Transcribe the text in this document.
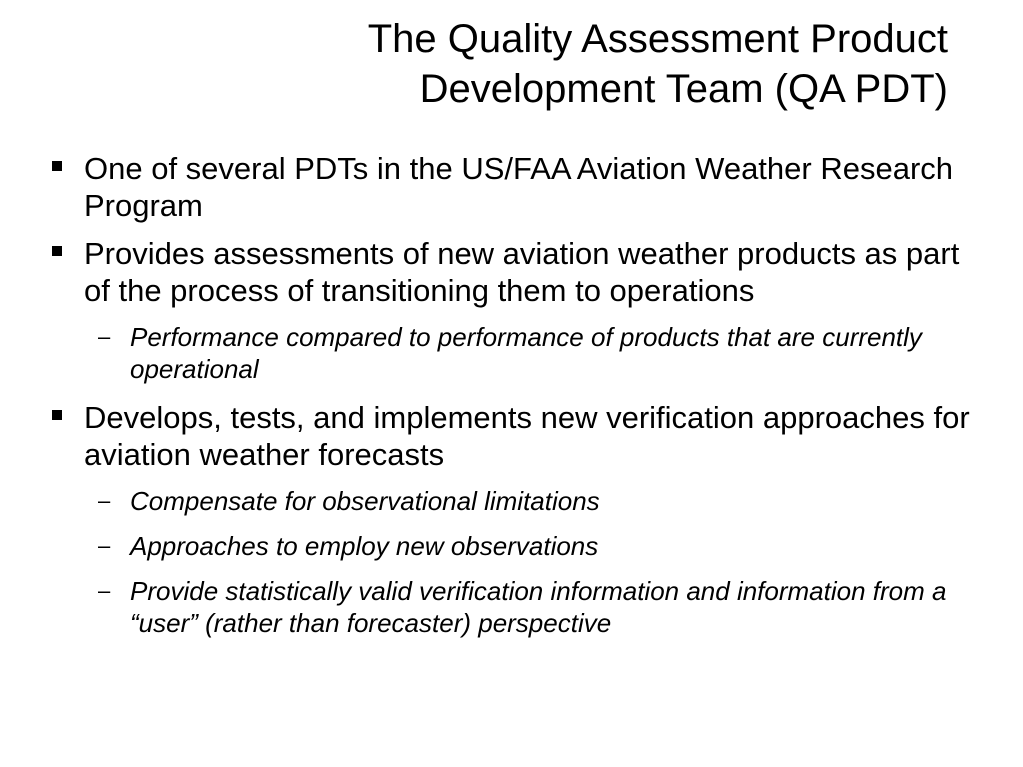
The Quality Assessment Product
Development Team (QA PDT)
One of several PDTs in the US/FAA Aviation Weather Research Program
Provides assessments of new aviation weather products as part of the process of transitioning them to operations
– Performance compared to performance of products that are currently operational
Develops, tests, and implements new verification approaches for aviation weather forecasts
– Compensate for observational limitations
– Approaches to employ new observations
– Provide statistically valid verification information and information from a “user” (rather than forecaster) perspective
